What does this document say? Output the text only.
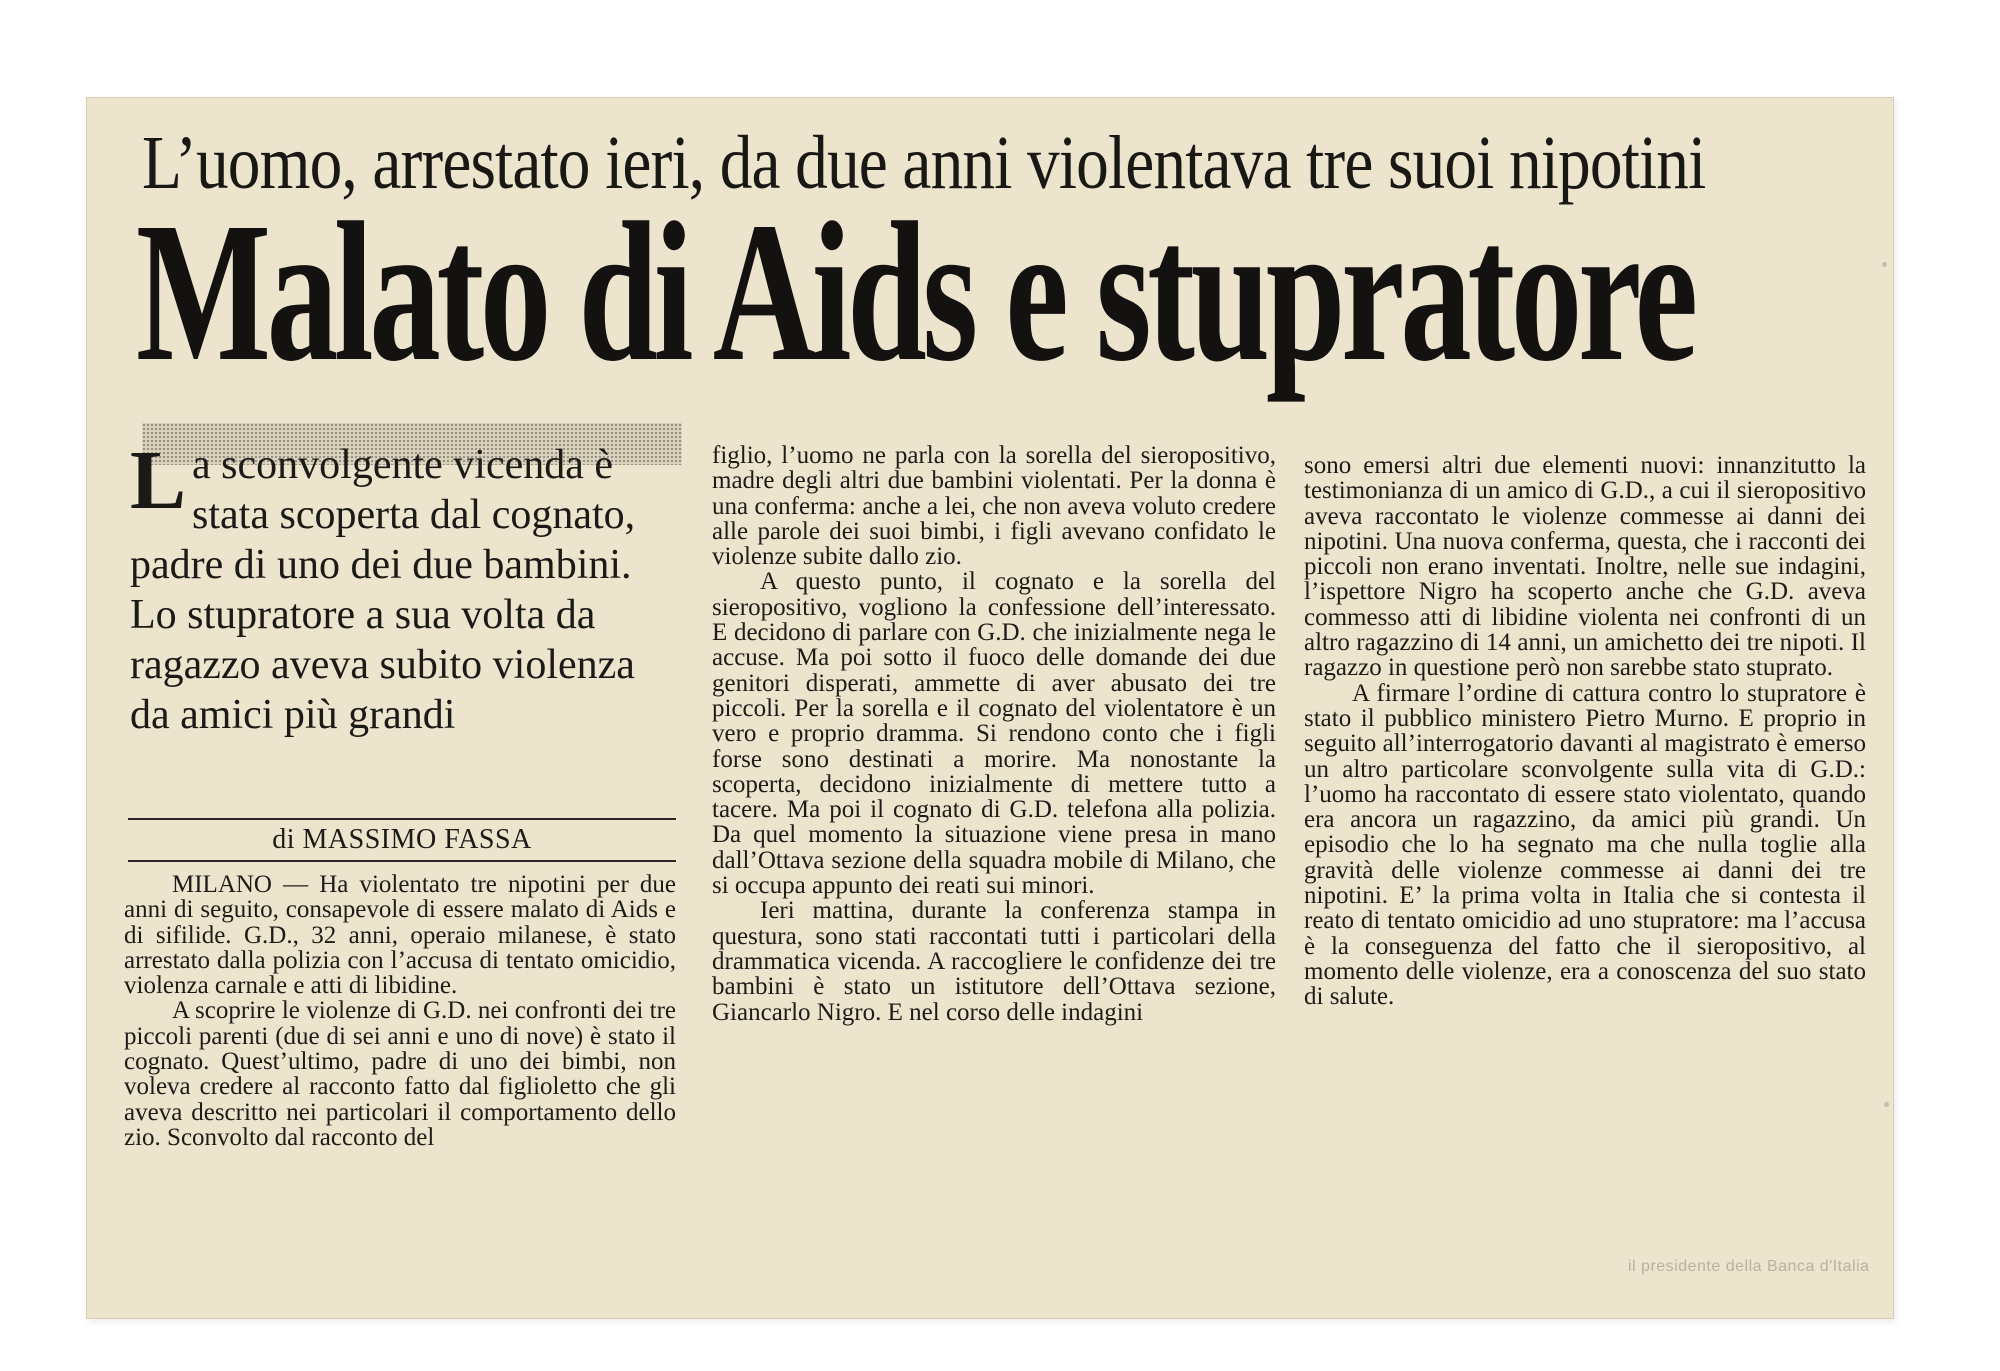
L’uomo, arrestato ieri, da due anni violentava tre suoi nipotini
Malato di Aids e stupratore

L a sconvolgente vicenda è
stata scoperta dal cognato,
padre di uno dei due bambini.
Lo stupratore a sua volta da
ragazzo aveva subito violenza
da amici più grandi

di MASSIMO FASSA

MILANO — Ha violentato tre nipotini per due anni di seguito, consapevole di essere malato di Aids e di sifilide. G.D., 32 anni, operaio milanese, è stato arrestato dalla polizia con l’accusa di tentato omicidio, violenza carnale e atti di libidine.

A scoprire le violenze di G.D. nei confronti dei tre piccoli parenti (due di sei anni e uno di nove) è stato il cognato. Quest’ultimo, padre di uno dei bimbi, non voleva credere al racconto fatto dal figlioletto che gli aveva descritto nei particolari il comportamento dello zio. Sconvolto dal racconto del

figlio, l’uomo ne parla con la sorella del sieropositivo, madre degli altri due bambini violentati. Per la donna è una conferma: anche a lei, che non aveva voluto credere alle parole dei suoi bimbi, i figli avevano confidato le violenze subite dallo zio.

A questo punto, il cognato e la sorella del sieropositivo, vogliono la confessione dell’interessato. E decidono di parlare con G.D. che inizialmente nega le accuse. Ma poi sotto il fuoco delle domande dei due genitori disperati, ammette di aver abusato dei tre piccoli. Per la sorella e il cognato del violentatore è un vero e proprio dramma. Si rendono conto che i figli forse sono destinati a morire. Ma nonostante la scoperta, decidono inizialmente di mettere tutto a tacere. Ma poi il cognato di G.D. telefona alla polizia. Da quel momento la situazione viene presa in mano dall’Ottava sezione della squadra mobile di Milano, che si occupa appunto dei reati sui minori.

Ieri mattina, durante la conferenza stampa in questura, sono stati raccontati tutti i particolari della drammatica vicenda. A raccogliere le confidenze dei tre bambini è stato un istitutore dell’Ottava sezione, Giancarlo Nigro. E nel corso delle indagini

sono emersi altri due elementi nuovi: innanzitutto la testimonianza di un amico di G.D., a cui il sieropositivo aveva raccontato le violenze commesse ai danni dei nipotini. Una nuova conferma, questa, che i racconti dei piccoli non erano inventati. Inoltre, nelle sue indagini, l’ispettore Nigro ha scoperto anche che G.D. aveva commesso atti di libidine violenta nei confronti di un altro ragazzino di 14 anni, un amichetto dei tre nipoti. Il ragazzo in questione però non sarebbe stato stuprato.

A firmare l’ordine di cattura contro lo stupratore è stato il pubblico ministero Pietro Murno. E proprio in seguito all’interrogatorio davanti al magistrato è emerso un altro particolare sconvolgente sulla vita di G.D.: l’uomo ha raccontato di essere stato violentato, quando era ancora un ragazzino, da amici più grandi. Un episodio che lo ha segnato ma che nulla toglie alla gravità delle violenze commesse ai danni dei tre nipotini. E’ la prima volta in Italia che si contesta il reato di tentato omicidio ad uno stupratore: ma l’accusa è la conseguenza del fatto che il sieropositivo, al momento delle violenze, era a conoscenza del suo stato di salute.

il presidente della Banca d'Italia
